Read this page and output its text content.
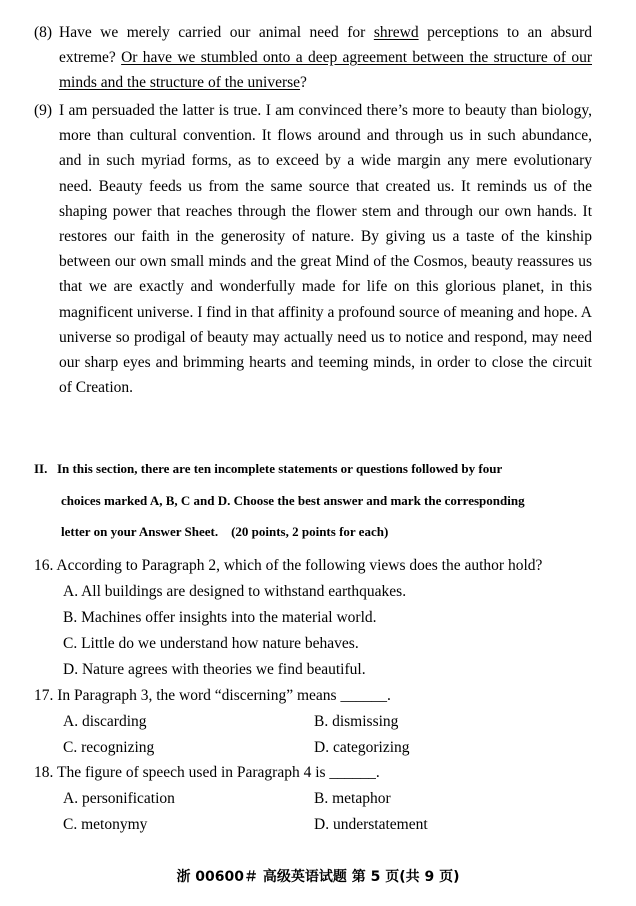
(8) Have we merely carried our animal need for shrewd perceptions to an absurd extreme? Or have we stumbled onto a deep agreement between the structure of our minds and the structure of the universe?
(9) I am persuaded the latter is true. I am convinced there’s more to beauty than biology, more than cultural convention. It flows around and through us in such abundance, and in such myriad forms, as to exceed by a wide margin any mere evolutionary need. Beauty feeds us from the same source that created us. It reminds us of the shaping power that reaches through the flower stem and through our own hands. It restores our faith in the generosity of nature. By giving us a taste of the kinship between our own small minds and the great Mind of the Cosmos, beauty reassures us that we are exactly and wonderfully made for life on this glorious planet, in this magnificent universe. I find in that affinity a profound source of meaning and hope. A universe so prodigal of beauty may actually need us to notice and respond, may need our sharp eyes and brimming hearts and teeming minds, in order to close the circuit of Creation.
II. In this section, there are ten incomplete statements or questions followed by four
choices marked A, B, C and D. Choose the best answer and mark the corresponding
letter on your Answer Sheet.    (20 points, 2 points for each)
16. According to Paragraph 2, which of the following views does the author hold?
A. All buildings are designed to withstand earthquakes.
B. Machines offer insights into the material world.
C. Little do we understand how nature behaves.
D. Nature agrees with theories we find beautiful.
17. In Paragraph 3, the word “discerning” means ______.
A. discarding	B. dismissing
C. recognizing	D. categorizing
18. The figure of speech used in Paragraph 4 is ______.
A. personification	B. metaphor
C. metonymy	D. understatement
浙 00600＃ 高级英语试题 第 5 页(共 9 页)
